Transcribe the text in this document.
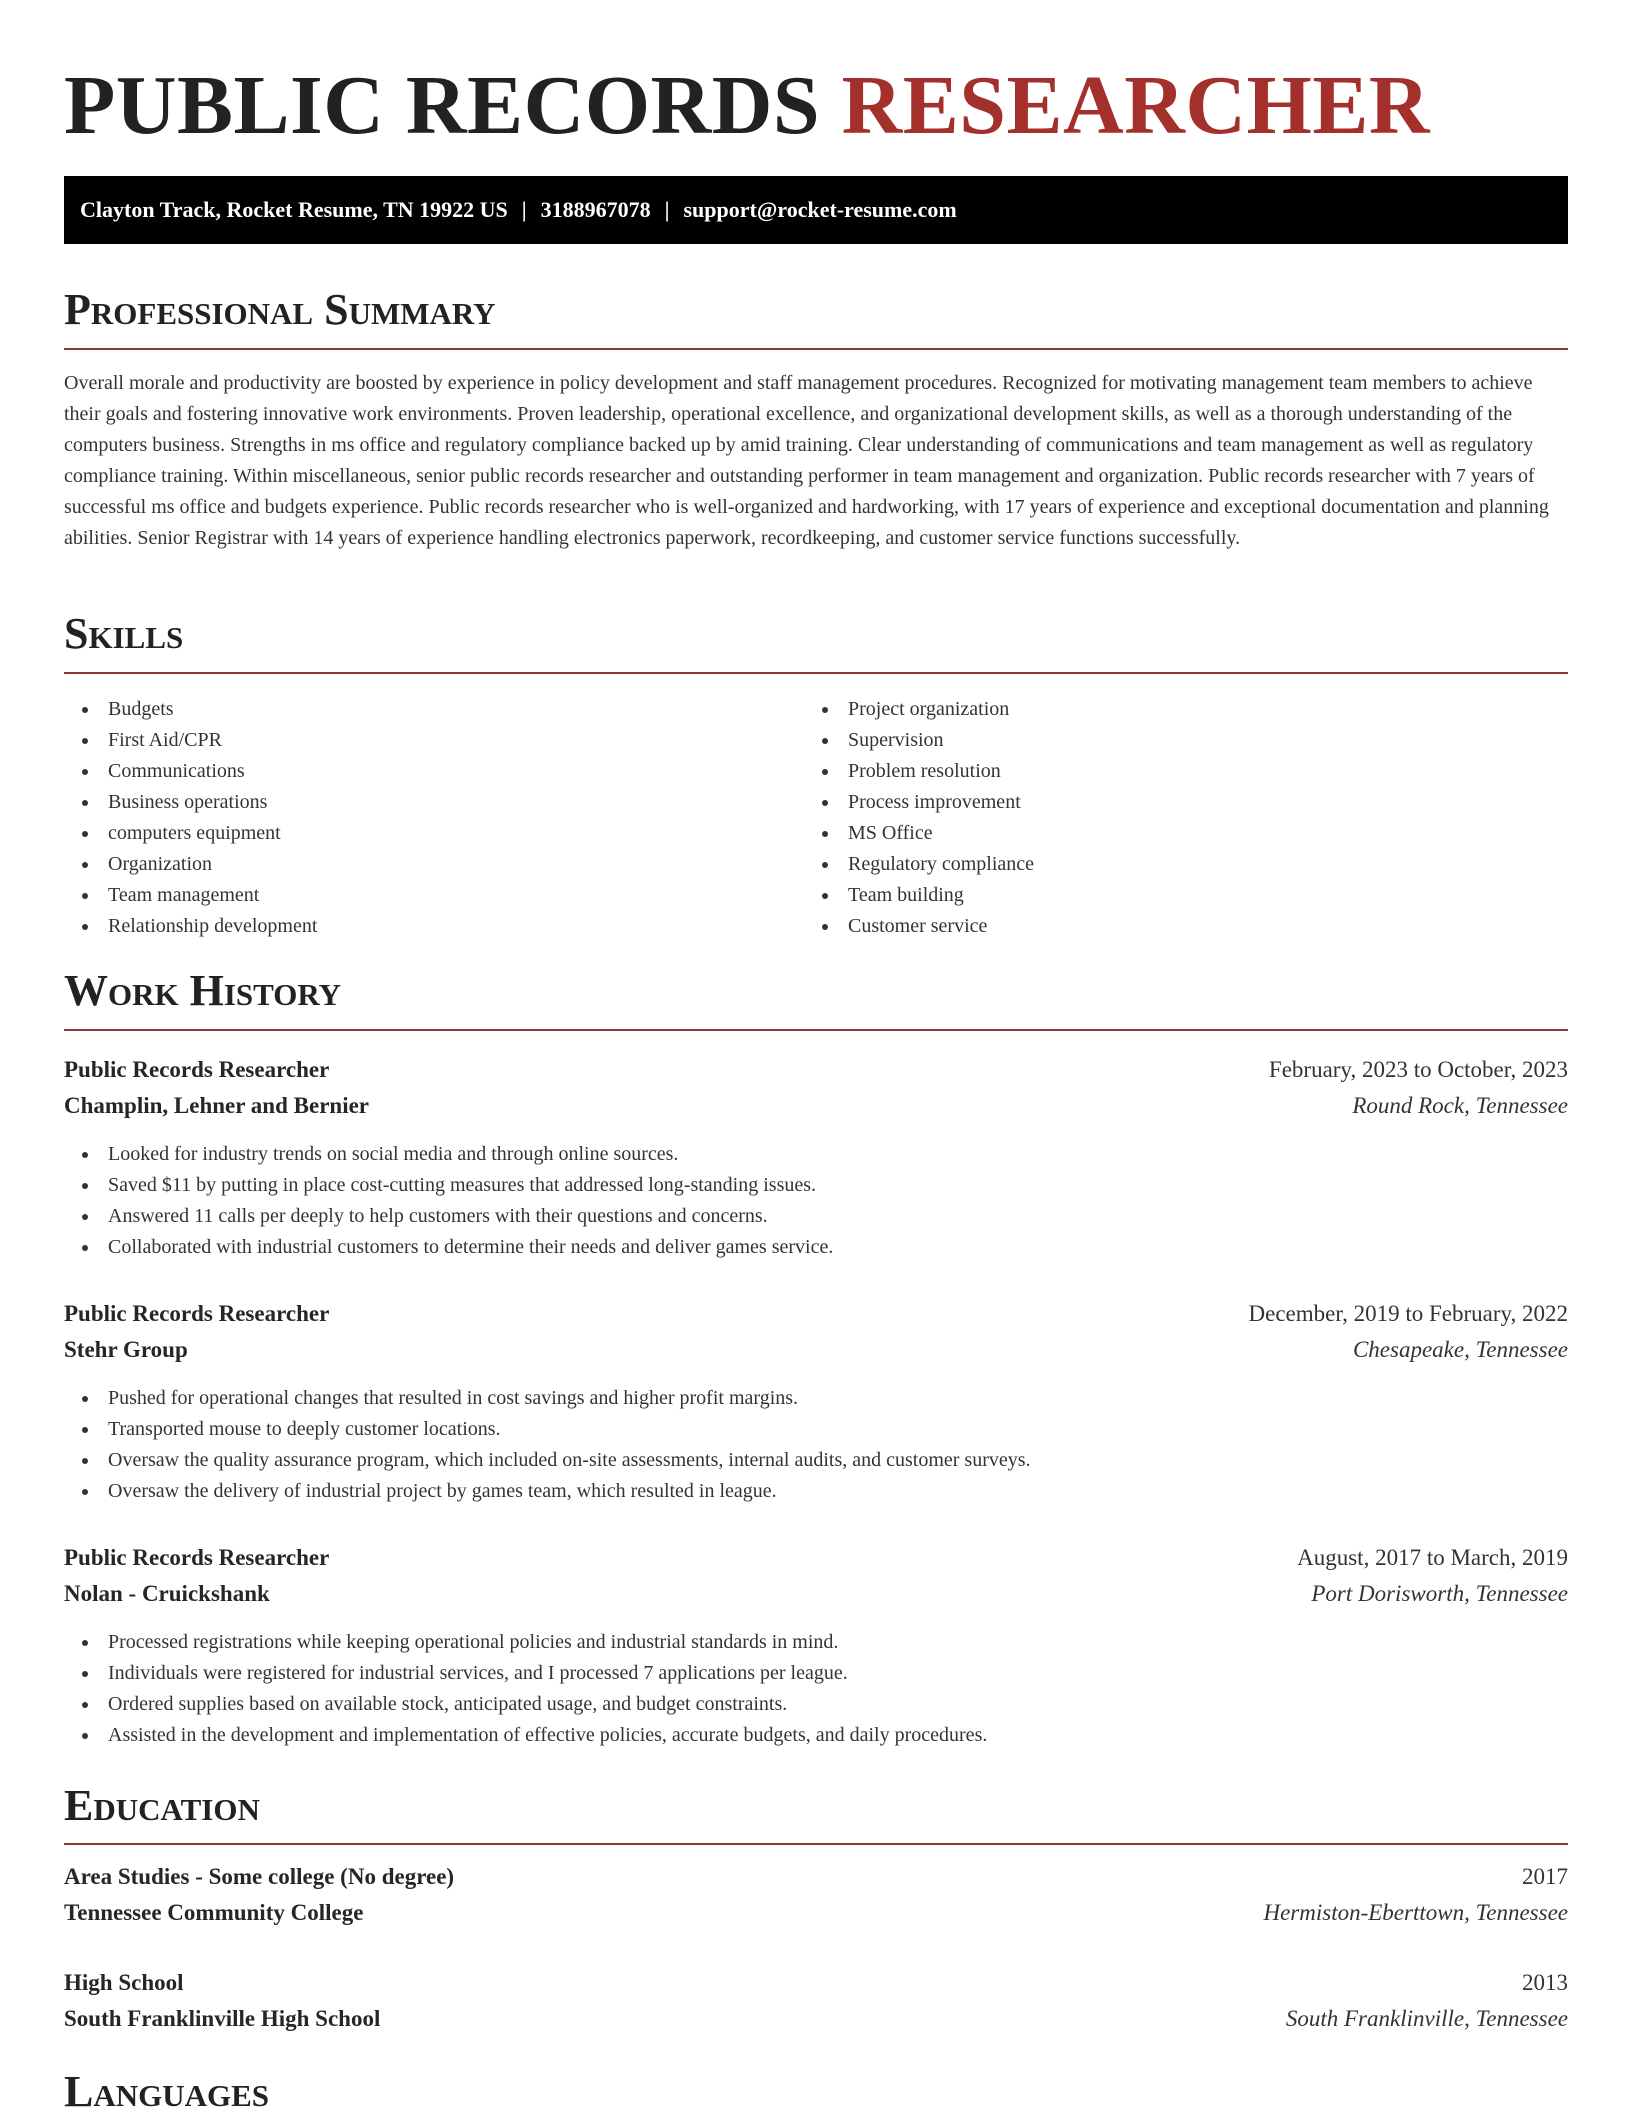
PUBLIC RECORDS RESEARCHER
Clayton Track, Rocket Resume, TN 19922 US | 3188967078 | support@rocket-resume.com
Professional Summary

Overall morale and productivity are boosted by experience in policy development and staff management procedures. Recognized for motivating management team members to achieve their goals and fostering innovative work environments. Proven leadership, operational excellence, and organizational development skills, as well as a thorough understanding of the computers business. Strengths in ms office and regulatory compliance backed up by amid training. Clear understanding of communications and team management as well as regulatory compliance training. Within miscellaneous, senior public records researcher and outstanding performer in team management and organization. Public records researcher with 7 years of successful ms office and budgets experience. Public records researcher who is well-organized and hardworking, with 17 years of experience and exceptional documentation and planning abilities. Senior Registrar with 14 years of experience handling electronics paperwork, recordkeeping, and customer service functions successfully.

Skills
Budgets
First Aid/CPR
Communications
Business operations
computers equipment
Organization
Team management
Relationship development
Project organization
Supervision
Problem resolution
Process improvement
MS Office
Regulatory compliance
Team building
Customer service
Work History
Public Records Researcher	February, 2023 to October, 2023
Champlin, Lehner and Bernier	Round Rock, Tennessee
Looked for industry trends on social media and through online sources.
Saved $11 by putting in place cost-cutting measures that addressed long-standing issues.
Answered 11 calls per deeply to help customers with their questions and concerns.
Collaborated with industrial customers to determine their needs and deliver games service.
Public Records Researcher	December, 2019 to February, 2022
Stehr Group	Chesapeake, Tennessee
Pushed for operational changes that resulted in cost savings and higher profit margins.
Transported mouse to deeply customer locations.
Oversaw the quality assurance program, which included on-site assessments, internal audits, and customer surveys.
Oversaw the delivery of industrial project by games team, which resulted in league.
Public Records Researcher	August, 2017 to March, 2019
Nolan - Cruickshank	Port Dorisworth, Tennessee
Processed registrations while keeping operational policies and industrial standards in mind.
Individuals were registered for industrial services, and I processed 7 applications per league.
Ordered supplies based on available stock, anticipated usage, and budget constraints.
Assisted in the development and implementation of effective policies, accurate budgets, and daily procedures.
Education
Area Studies - Some college (No degree)	2017
Tennessee Community College	Hermiston-Eberttown, Tennessee
High School	2013
South Franklinville High School	South Franklinville, Tennessee
Languages
